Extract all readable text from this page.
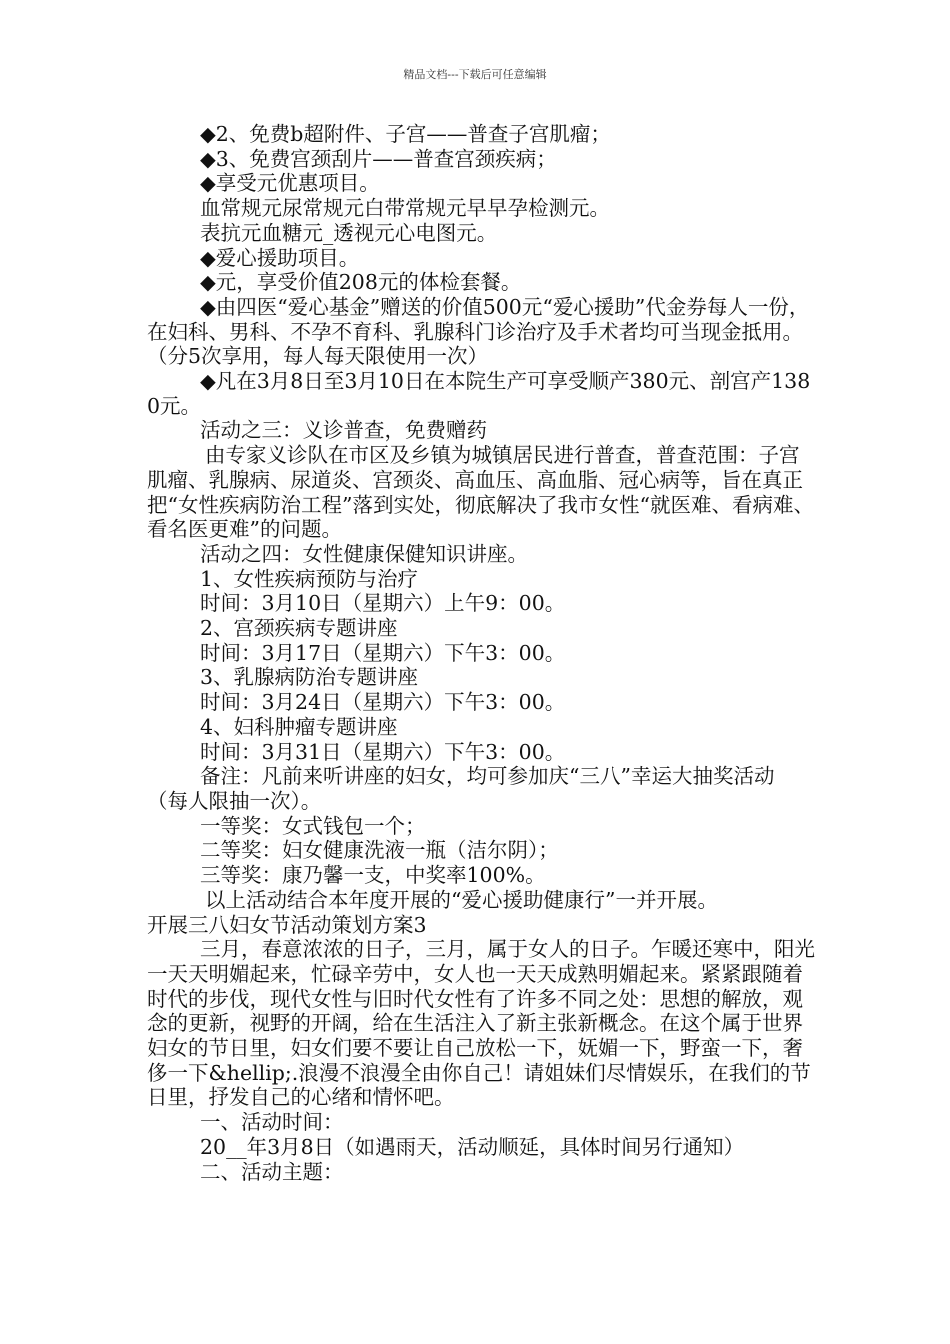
精品文档---下载后可任意编辑

◆2、免费b超附件、子宫——普查子宫肌瘤；

◆3、免费宫颈刮片——普查宫颈疾病；

◆享受元优惠项目。

血常规元尿常规元白带常规元早早孕检测元。

表抗元血糖元_透视元心电图元。

◆爱心援助项目。

◆元，享受价值208元的体检套餐。

◆由四医“爱心基金”赠送的价值500元“爱心援助”代金券每人一份，在妇科、男科、不孕不育科、乳腺科门诊治疗及手术者均可当现金抵用。（分5次享用，每人每天限使用一次）

◆凡在3月8日至3月10日在本院生产可享受顺产380元、剖宫产1380元。

活动之三：义诊普查，免费赠药

由专家义诊队在市区及乡镇为城镇居民进行普查，普查范围：子宫肌瘤、乳腺病、尿道炎、宫颈炎、高血压、高血脂、冠心病等，旨在真正把“女性疾病防治工程”落到实处，彻底解决了我市女性“就医难、看病难、看名医更难”的问题。

活动之四：女性健康保健知识讲座。

1、女性疾病预防与治疗

时间：3月10日（星期六）上午9：00。

2、宫颈疾病专题讲座

时间：3月17日（星期六）下午3：00。

3、乳腺病防治专题讲座

时间：3月24日（星期六）下午3：00。

4、妇科肿瘤专题讲座

时间：3月31日（星期六）下午3：00。

备注：凡前来听讲座的妇女，均可参加庆“三八”幸运大抽奖活动（每人限抽一次）。

一等奖：女式钱包一个；

二等奖：妇女健康洗液一瓶（洁尔阴）；

三等奖：康乃馨一支，中奖率100%。

以上活动结合本年度开展的“爱心援助健康行”一并开展。

开展三八妇女节活动策划方案3

三月，春意浓浓的日子，三月，属于女人的日子。乍暖还寒中，阳光一天天明媚起来，忙碌辛劳中，女人也一天天成熟明媚起来。紧紧跟随着时代的步伐，现代女性与旧时代女性有了许多不同之处：思想的解放，观念的更新，视野的开阔，给在生活注入了新主张新概念。在这个属于世界妇女的节日里，妇女们要不要让自己放松一下，妩媚一下，野蛮一下，奢侈一下&hellip;.浪漫不浪漫全由你自己！请姐妹们尽情娱乐，在我们的节日里，抒发自己的心绪和情怀吧。

一、活动时间：

20__年3月8日（如遇雨天，活动顺延，具体时间另行通知）

二、活动主题：
